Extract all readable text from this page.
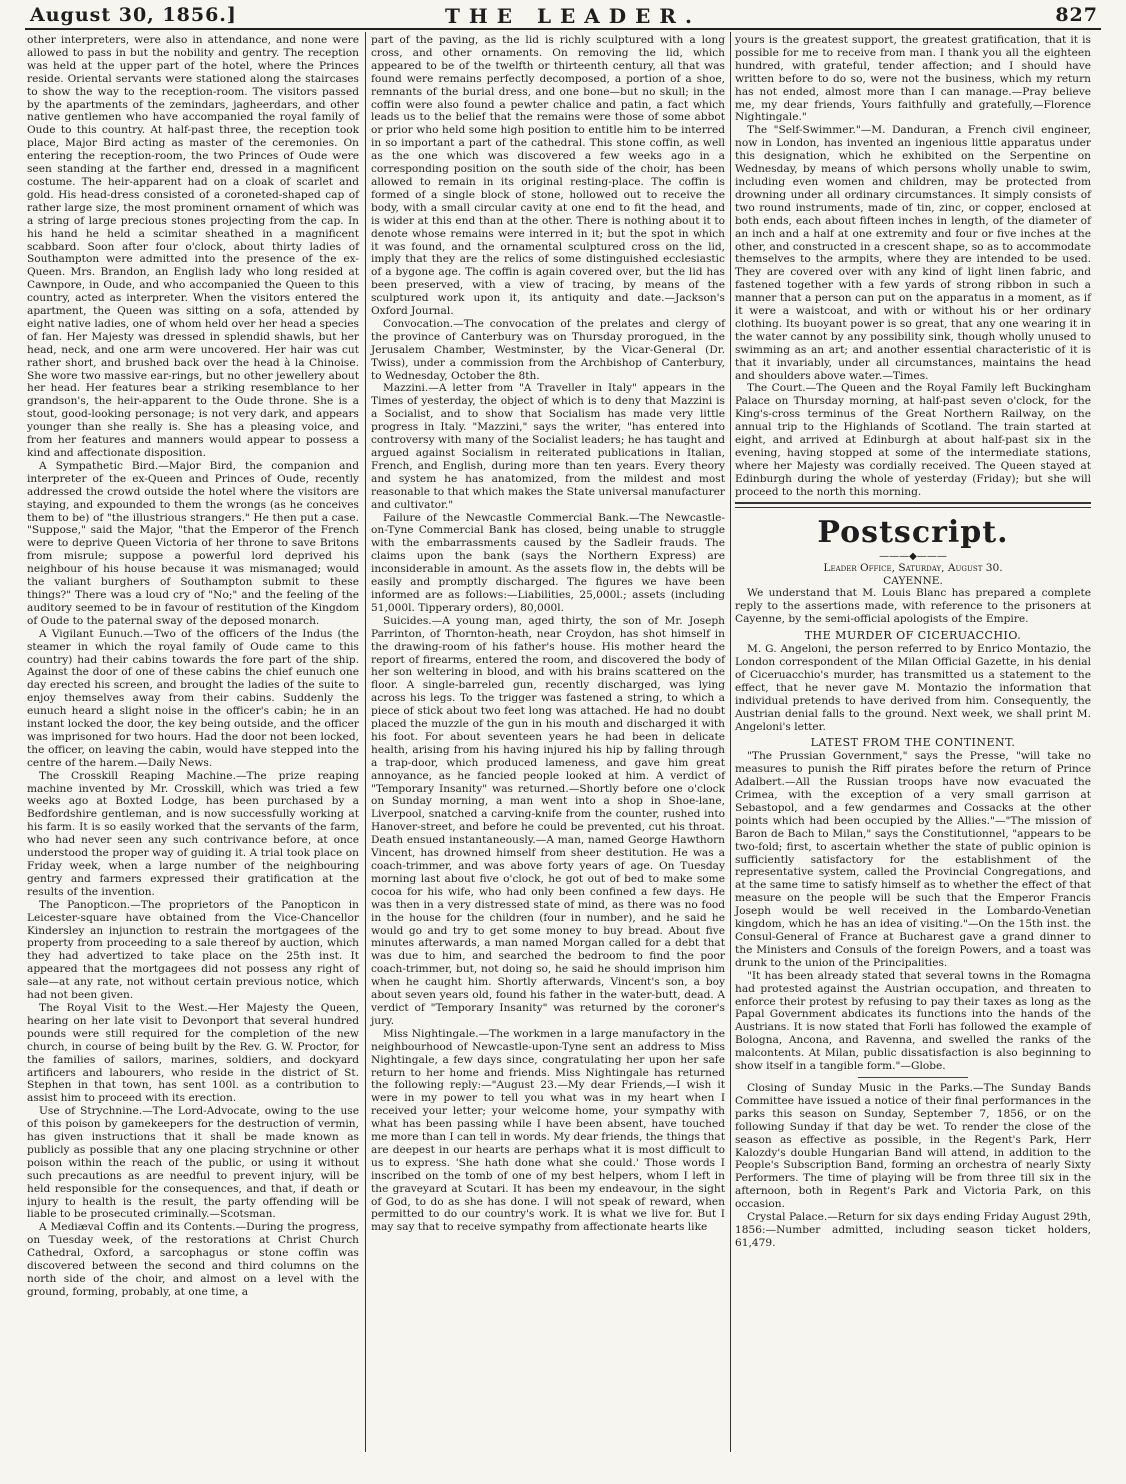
August 30, 1856.]	THE LEADER.	827

other interpreters, were also in attendance, and none were allowed to pass in but the nobility and gentry. The reception was held at the upper part of the hotel, where the Princes reside. Oriental servants were stationed along the staircases to show the way to the reception-room. The visitors passed by the apartments of the zemindars, jagheerdars, and other native gentlemen who have accompanied the royal family of Oude to this country. At half-past three, the reception took place, Major Bird acting as master of the ceremonies. On entering the reception-room, the two Princes of Oude were seen standing at the farther end, dressed in a magnificent costume. The heir-apparent had on a cloak of scarlet and gold. His head-dress consisted of a coroneted-shaped cap of rather large size, the most prominent ornament of which was a string of large precious stones projecting from the cap. In his hand he held a scimitar sheathed in a magnificent scabbard. Soon after four o'clock, about thirty ladies of Southampton were admitted into the presence of the ex-Queen. Mrs. Brandon, an English lady who long resided at Cawnpore, in Oude, and who accompanied the Queen to this country, acted as interpreter. When the visitors entered the apartment, the Queen was sitting on a sofa, attended by eight native ladies, one of whom held over her head a species of fan. Her Majesty was dressed in splendid shawls, but her head, neck, and one arm were uncovered. Her hair was cut rather short, and brushed back over the head à la Chinoise. She wore two massive ear-rings, but no other jewellery about her head. Her features bear a striking resemblance to her grandson's, the heir-apparent to the Oude throne. She is a stout, good-looking personage; is not very dark, and appears younger than she really is. She has a pleasing voice, and from her features and manners would appear to possess a kind and affectionate disposition.

A Sympathetic Bird.—Major Bird, the companion and interpreter of the ex-Queen and Princes of Oude, recently addressed the crowd outside the hotel where the visitors are staying, and expounded to them the wrongs (as he conceives them to be) of "the illustrious strangers." He then put a case. "Suppose," said the Major, "that the Emperor of the French were to deprive Queen Victoria of her throne to save Britons from misrule; suppose a powerful lord deprived his neighbour of his house because it was mismanaged; would the valiant burghers of Southampton submit to these things?" There was a loud cry of "No;" and the feeling of the auditory seemed to be in favour of restitution of the Kingdom of Oude to the paternal sway of the deposed monarch.

A Vigilant Eunuch.—Two of the officers of the Indus (the steamer in which the royal family of Oude came to this country) had their cabins towards the fore part of the ship. Against the door of one of these cabins the chief eunuch one day erected his screen, and brought the ladies of the suite to enjoy themselves away from their cabins. Suddenly the eunuch heard a slight noise in the officer's cabin; he in an instant locked the door, the key being outside, and the officer was imprisoned for two hours. Had the door not been locked, the officer, on leaving the cabin, would have stepped into the centre of the harem.—Daily News.

The Crosskill Reaping Machine.—The prize reaping machine invented by Mr. Crosskill, which was tried a few weeks ago at Boxted Lodge, has been purchased by a Bedfordshire gentleman, and is now successfully working at his farm. It is so easily worked that the servants of the farm, who had never seen any such contrivance before, at once understood the proper way of guiding it. A trial took place on Friday week, when a large number of the neighbouring gentry and farmers expressed their gratification at the results of the invention.

The Panopticon.—The proprietors of the Panopticon in Leicester-square have obtained from the Vice-Chancellor Kindersley an injunction to restrain the mortgagees of the property from proceeding to a sale thereof by auction, which they had advertized to take place on the 25th inst. It appeared that the mortgagees did not possess any right of sale—at any rate, not without certain previous notice, which had not been given.

The Royal Visit to the West.—Her Majesty the Queen, hearing on her late visit to Devonport that several hundred pounds were still required for the completion of the new church, in course of being built by the Rev. G. W. Proctor, for the families of sailors, marines, soldiers, and dockyard artificers and labourers, who reside in the district of St. Stephen in that town, has sent 100l. as a contribution to assist him to proceed with its erection.

Use of Strychnine.—The Lord-Advocate, owing to the use of this poison by gamekeepers for the destruction of vermin, has given instructions that it shall be made known as publicly as possible that any one placing strychnine or other poison within the reach of the public, or using it without such precautions as are needful to prevent injury, will be held responsible for the consequences, and that, if death or injury to health is the result, the party offending will be liable to be prosecuted criminally.—Scotsman.

A Mediæval Coffin and its Contents.—During the progress, on Tuesday week, of the restorations at Christ Church Cathedral, Oxford, a sarcophagus or stone coffin was discovered between the second and third columns on the north side of the choir, and almost on a level with the ground, forming, probably, at one time, a

part of the paving, as the lid is richly sculptured with a long cross, and other ornaments. On removing the lid, which appeared to be of the twelfth or thirteenth century, all that was found were remains perfectly decomposed, a portion of a shoe, remnants of the burial dress, and one bone—but no skull; in the coffin were also found a pewter chalice and patin, a fact which leads us to the belief that the remains were those of some abbot or prior who held some high position to entitle him to be interred in so important a part of the cathedral. This stone coffin, as well as the one which was discovered a few weeks ago in a corresponding position on the south side of the choir, has been allowed to remain in its original resting-place. The coffin is formed of a single block of stone, hollowed out to receive the body, with a small circular cavity at one end to fit the head, and is wider at this end than at the other. There is nothing about it to denote whose remains were interred in it; but the spot in which it was found, and the ornamental sculptured cross on the lid, imply that they are the relics of some distinguished ecclesiastic of a bygone age. The coffin is again covered over, but the lid has been preserved, with a view of tracing, by means of the sculptured work upon it, its antiquity and date.—Jackson's Oxford Journal.

Convocation.—The convocation of the prelates and clergy of the province of Canterbury was on Thursday prorogued, in the Jerusalem Chamber, Westminster, by the Vicar-General (Dr. Twiss), under a commission from the Archbishop of Canterbury, to Wednesday, October the 8th.

Mazzini.—A letter from "A Traveller in Italy" appears in the Times of yesterday, the object of which is to deny that Mazzini is a Socialist, and to show that Socialism has made very little progress in Italy. "Mazzini," says the writer, "has entered into controversy with many of the Socialist leaders; he has taught and argued against Socialism in reiterated publications in Italian, French, and English, during more than ten years. Every theory and system he has anatomized, from the mildest and most reasonable to that which makes the State universal manufacturer and cultivator."

Failure of the Newcastle Commercial Bank.—The Newcastle-on-Tyne Commercial Bank has closed, being unable to struggle with the embarrassments caused by the Sadleir frauds. The claims upon the bank (says the Northern Express) are inconsiderable in amount. As the assets flow in, the debts will be easily and promptly discharged. The figures we have been informed are as follows:—Liabilities, 25,000l.; assets (including 51,000l. Tipperary orders), 80,000l.

Suicides.—A young man, aged thirty, the son of Mr. Joseph Parrinton, of Thornton-heath, near Croydon, has shot himself in the drawing-room of his father's house. His mother heard the report of firearms, entered the room, and discovered the body of her son weltering in blood, and with his brains scattered on the floor. A single-barreled gun, recently discharged, was lying across his legs. To the trigger was fastened a string, to which a piece of stick about two feet long was attached. He had no doubt placed the muzzle of the gun in his mouth and discharged it with his foot. For about seventeen years he had been in delicate health, arising from his having injured his hip by falling through a trap-door, which produced lameness, and gave him great annoyance, as he fancied people looked at him. A verdict of "Temporary Insanity" was returned.—Shortly before one o'clock on Sunday morning, a man went into a shop in Shoe-lane, Liverpool, snatched a carving-knife from the counter, rushed into Hanover-street, and before he could be prevented, cut his throat. Death ensued instantaneously.—A man, named George Hawthorn Vincent, has drowned himself from sheer destitution. He was a coach-trimmer, and was above forty years of age. On Tuesday morning last about five o'clock, he got out of bed to make some cocoa for his wife, who had only been confined a few days. He was then in a very distressed state of mind, as there was no food in the house for the children (four in number), and he said he would go and try to get some money to buy bread. About five minutes afterwards, a man named Morgan called for a debt that was due to him, and searched the bedroom to find the poor coach-trimmer, but, not doing so, he said he should imprison him when he caught him. Shortly afterwards, Vincent's son, a boy about seven years old, found his father in the water-butt, dead. A verdict of "Temporary Insanity" was returned by the coroner's jury.

Miss Nightingale.—The workmen in a large manufactory in the neighbourhood of Newcastle-upon-Tyne sent an address to Miss Nightingale, a few days since, congratulating her upon her safe return to her home and friends. Miss Nightingale has returned the following reply:—"August 23.—My dear Friends,—I wish it were in my power to tell you what was in my heart when I received your letter; your welcome home, your sympathy with what has been passing while I have been absent, have touched me more than I can tell in words. My dear friends, the things that are deepest in our hearts are perhaps what it is most difficult to us to express. 'She hath done what she could.' Those words I inscribed on the tomb of one of my best helpers, whom I left in the graveyard at Scutari. It has been my endeavour, in the sight of God, to do as she has done. I will not speak of reward, when permitted to do our country's work. It is what we live for. But I may say that to receive sympathy from affectionate hearts like

yours is the greatest support, the greatest gratification, that it is possible for me to receive from man. I thank you all the eighteen hundred, with grateful, tender affection; and I should have written before to do so, were not the business, which my return has not ended, almost more than I can manage.—Pray believe me, my dear friends, Yours faithfully and gratefully,—Florence Nightingale."

The "Self-Swimmer."—M. Danduran, a French civil engineer, now in London, has invented an ingenious little apparatus under this designation, which he exhibited on the Serpentine on Wednesday, by means of which persons wholly unable to swim, including even women and children, may be protected from drowning under all ordinary circumstances. It simply consists of two round instruments, made of tin, zinc, or copper, enclosed at both ends, each about fifteen inches in length, of the diameter of an inch and a half at one extremity and four or five inches at the other, and constructed in a crescent shape, so as to accommodate themselves to the armpits, where they are intended to be used. They are covered over with any kind of light linen fabric, and fastened together with a few yards of strong ribbon in such a manner that a person can put on the apparatus in a moment, as if it were a waistcoat, and with or without his or her ordinary clothing. Its buoyant power is so great, that any one wearing it in the water cannot by any possibility sink, though wholly unused to swimming as an art; and another essential characteristic of it is that it invariably, under all circumstances, maintains the head and shoulders above water.—Times.

The Court.—The Queen and the Royal Family left Buckingham Palace on Thursday morning, at half-past seven o'clock, for the King's-cross terminus of the Great Northern Railway, on the annual trip to the Highlands of Scotland. The train started at eight, and arrived at Edinburgh at about half-past six in the evening, having stopped at some of the intermediate stations, where her Majesty was cordially received. The Queen stayed at Edinburgh during the whole of yesterday (Friday); but she will proceed to the north this morning.

Postscript.
———◆———

Leader Office, Saturday, August 30.

CAYENNE.

We understand that M. Louis Blanc has prepared a complete reply to the assertions made, with reference to the prisoners at Cayenne, by the semi-official apologists of the Empire.

THE MURDER OF CICERUACCHIO.

M. G. Angeloni, the person referred to by Enrico Montazio, the London correspondent of the Milan Official Gazette, in his denial of Ciceruacchio's murder, has transmitted us a statement to the effect, that he never gave M. Montazio the information that individual pretends to have derived from him. Consequently, the Austrian denial falls to the ground. Next week, we shall print M. Angeloni's letter.

LATEST FROM THE CONTINENT.

"The Prussian Government," says the Presse, "will take no measures to punish the Riff pirates before the return of Prince Adalbert.—All the Russian troops have now evacuated the Crimea, with the exception of a very small garrison at Sebastopol, and a few gendarmes and Cossacks at the other points which had been occupied by the Allies."—"The mission of Baron de Bach to Milan," says the Constitutionnel, "appears to be two-fold; first, to ascertain whether the state of public opinion is sufficiently satisfactory for the establishment of the representative system, called the Provincial Congregations, and at the same time to satisfy himself as to whether the effect of that measure on the people will be such that the Emperor Francis Joseph would be well received in the Lombardo-Venetian kingdom, which he has an idea of visiting."—On the 15th inst. the Consul-General of France at Bucharest gave a grand dinner to the Ministers and Consuls of the foreign Powers, and a toast was drunk to the union of the Principalities.

"It has been already stated that several towns in the Romagna had protested against the Austrian occupation, and threaten to enforce their protest by refusing to pay their taxes as long as the Papal Government abdicates its functions into the hands of the Austrians. It is now stated that Forli has followed the example of Bologna, Ancona, and Ravenna, and swelled the ranks of the malcontents. At Milan, public dissatisfaction is also beginning to show itself in a tangible form."—Globe.

Closing of Sunday Music in the Parks.—The Sunday Bands Committee have issued a notice of their final performances in the parks this season on Sunday, September 7, 1856, or on the following Sunday if that day be wet. To render the close of the season as effective as possible, in the Regent's Park, Herr Kalozdy's double Hungarian Band will attend, in addition to the People's Subscription Band, forming an orchestra of nearly Sixty Performers. The time of playing will be from three till six in the afternoon, both in Regent's Park and Victoria Park, on this occasion.

Crystal Palace.—Return for six days ending Friday August 29th, 1856:—Number admitted, including season ticket holders, 61,479.
